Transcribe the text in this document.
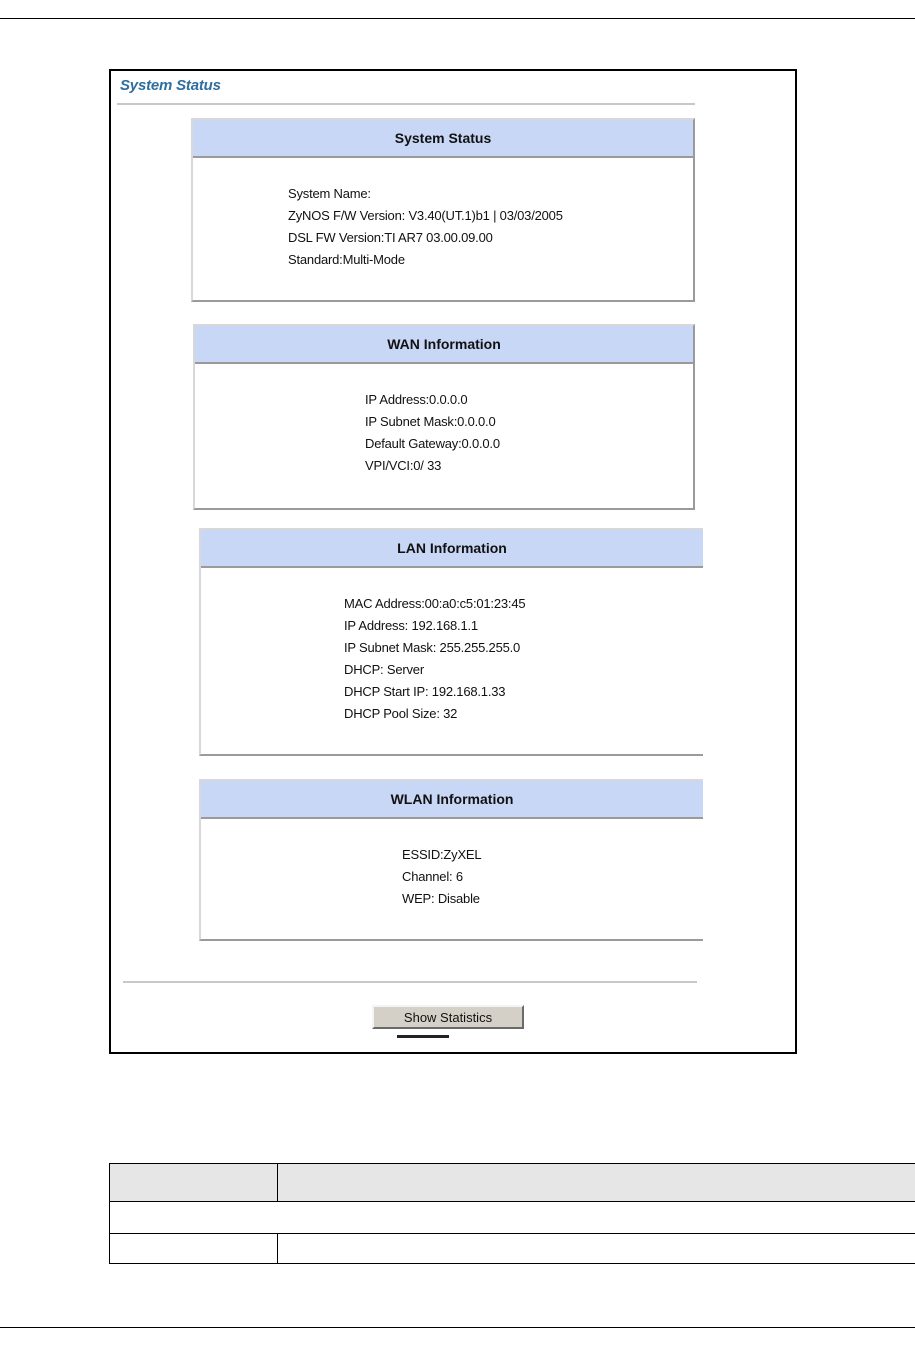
System Status
System Status
System Name:
ZyNOS F/W Version: V3.40(UT.1)b1 | 03/03/2005
DSL FW Version:TI AR7 03.00.09.00
Standard:Multi-Mode
WAN Information
IP Address:0.0.0.0
IP Subnet Mask:0.0.0.0
Default Gateway:0.0.0.0
VPI/VCI:0/ 33
LAN Information
MAC Address:00:a0:c5:01:23:45
IP Address: 192.168.1.1
IP Subnet Mask: 255.255.255.0
DHCP: Server
DHCP Start IP: 192.168.1.33
DHCP Pool Size: 32
WLAN Information
ESSID:ZyXEL
Channel: 6
WEP: Disable
Show Statistics
